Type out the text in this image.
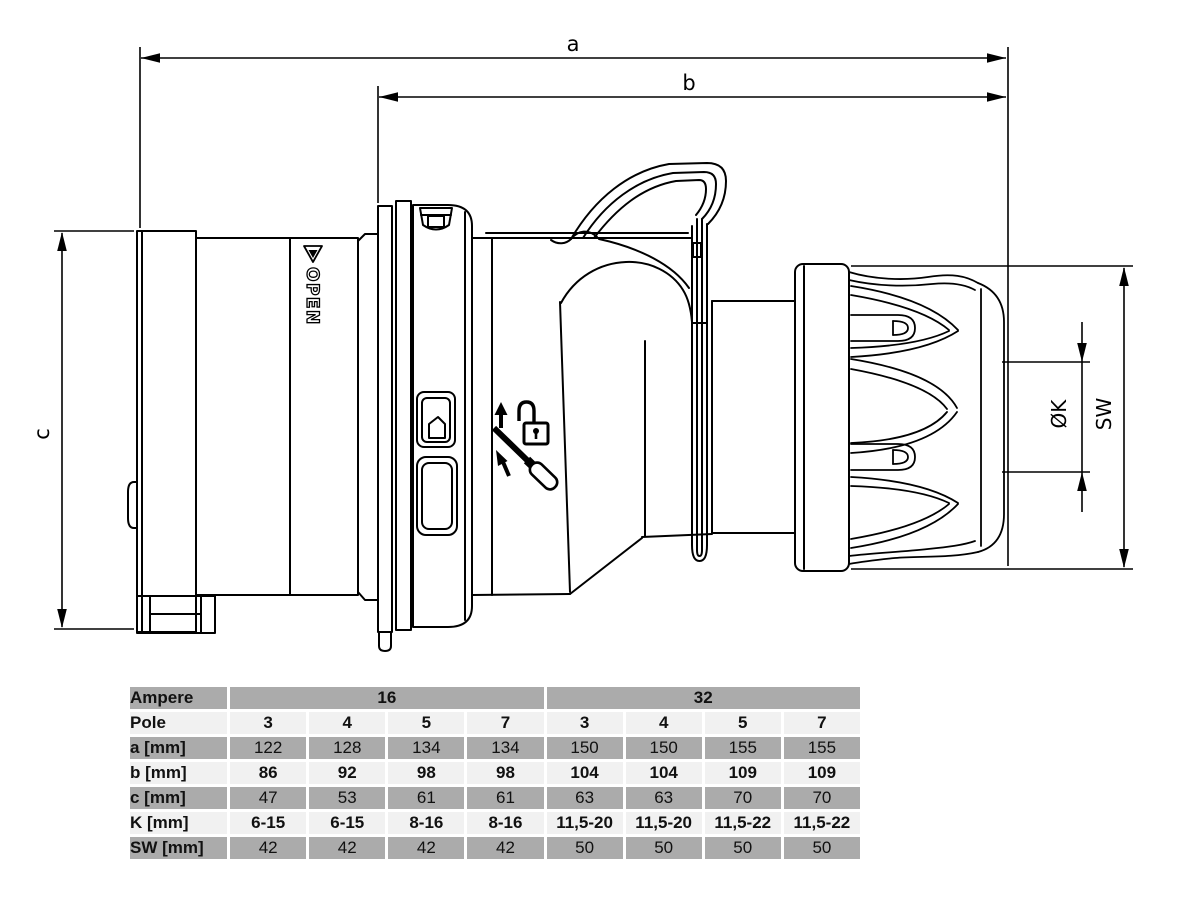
a
b
c
ØK SW
OPEN
Ampere	16				32			
Pole	3	4	5	7	3	4	5	7
a [mm]	122	128	134	134	150	150	155	155
b [mm]	86	92	98	98	104	104	109	109
c [mm]	47	53	61	61	63	63	70	70
K [mm]	6-15	6-15	8-16	8-16	11,5-20	11,5-20	11,5-22	11,5-22
SW [mm]	42	42	42	42	50	50	50	50
